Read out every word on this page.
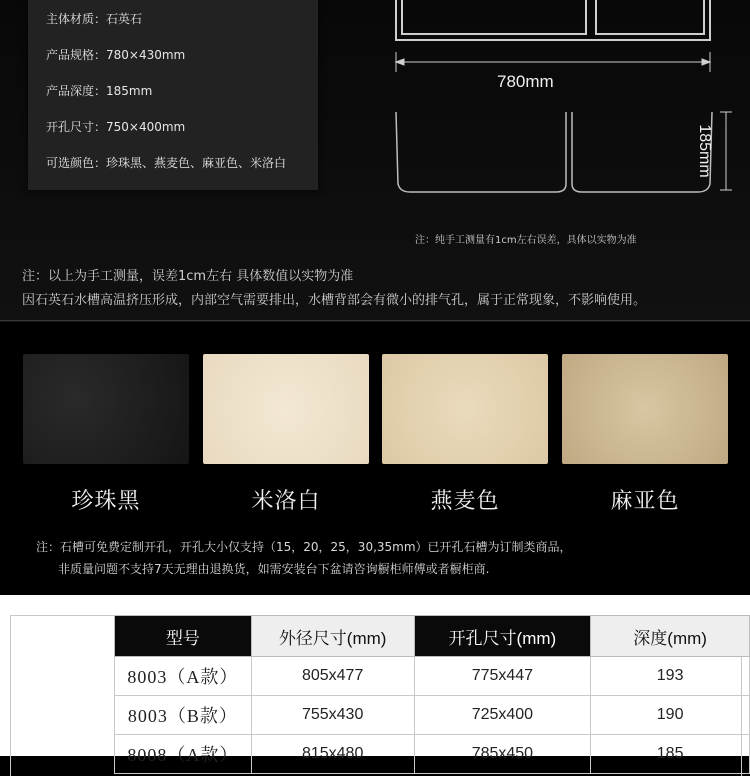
主体材质：石英石
产品规格：780×430mm
产品深度：185mm
开孔尺寸：750×400mm
可选颜色：珍珠黑、燕麦色、麻亚色、米洛白
780mm
185mm
注：纯手工测量有1cm左右误差，具体以实物为准
注：以上为手工测量，误差1cm左右 具体数值以实物为准
因石英石水槽高温挤压形成，内部空气需要排出，水槽背部会有微小的排气孔，属于正常现象，不影响使用。
珍珠黑	米洛白	燕麦色	麻亚色
注：石槽可免费定制开孔，开孔大小仅支持（15，20，25，30,35mm）已开孔石槽为订制类商品，
非质量问题不支持7天无理由退换货，如需安装台下盆请咨询橱柜师傅或者橱柜商.
型号	外径尺寸(mm)	开孔尺寸(mm)	深度(mm)
8003（A款）	805x477	775x447	193
8003（B款）	755x430	725x400	190
8008（A款）	815x480	785x450	185
